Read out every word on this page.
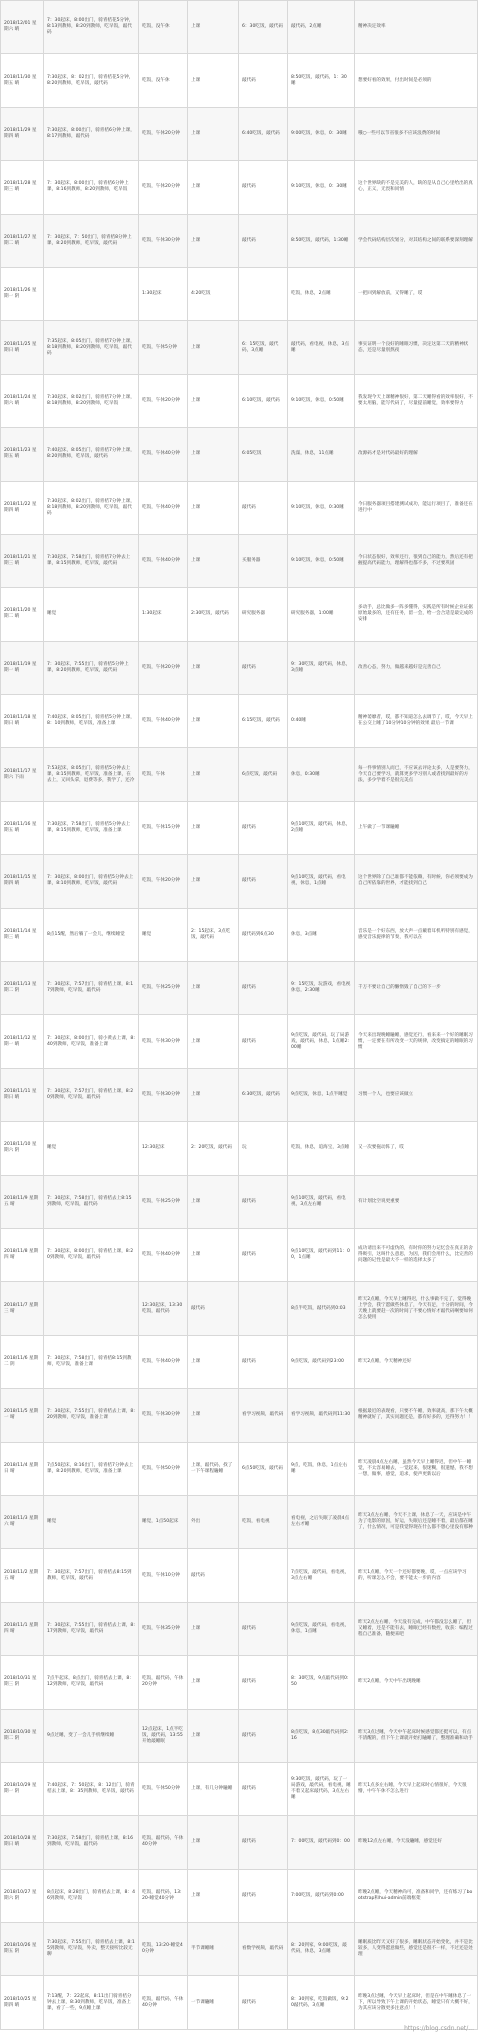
2018/12/01 星期六 晴	7：30起床，8:00出门，骑青桔花5分钟，8:13到教师，8:20到教师，吃早饭，敲代码	吃饭，没午休	上课	6：30吃饭，敲代码	敲代码，2点睡	精神决定效率
2018/11/30 星期五 晴	7:30起床，8：02出门，骑青桔花5分钟，8:20到教师，吃早饭，敲代码	吃饭，没午休	上课	敲代码	8:50吃饭，敲代码，1：30睡	想要好看的效果，付出时间是必须的
2018/11/29 星期四 晴	7:30起床，8:00出门，骑青桔6分钟上课，8:17到教师，敲代码	吃饭，午休20分钟	上课	6:40吃饭，敲代码	9:00吃饭，休息，0：30睡	哦○一些可以节省很多不应该浪费的时间
2018/11/28 星期三 晴	7：30起床，8:00出门，骑青桔6分钟上课，8:16到教师，8:20到教师，吃早饭	吃饭，午休20分钟	上课	敲代码	9:10吃饭，休息，0：30睡	这个世界缺的不是完美的人，缺的是从自己心里给出的真心，正义，无畏和同情
2018/11/27 星期二 晴	7：30起床，7：50出门，骑青桔8分钟上课，8:20到教师，吃早饭，敲代码	吃饭，午休30分钟	上课	敲代码	8:50吃饭，敲代码，1:30睡	学会代码结构层次划分，对其结构之间的联系要深刻理解
2018/11/26 星期一 阴		1:30起床	4:20吃饭		吃饭，休息，2点睡	一把回到解放前，又得睡了，哎
2018/11/25 星期日 晴	7:35起床，8:05出门，骑青桔7分钟上课，8:18到教师，8:20到教师，吃早饭，敲代码	吃饭，午休5分钟	上课	6：15吃饭，敲代码，3点睡	敲代码，看电视，休息，3点睡	事实证明一个良好的睡眠习惯，决定这第二天的精神状态，还是尽量别熬夜
2018/11/24 星期六 晴	7:30起床，8:02出门，骑青桔7分钟上课，8:18到教师，8:20到教师，吃早饭	吃饭，午休20分钟	上课	6:10吃饭，敲代码	9:10吃饭，休息，0:50睡	我发现今天上课精神很好，第二天睡得看的效率很好，不要太用脑，能写代码了，尽量提前睡觉，效率要得力
2018/11/23 星期五 晴	7:40起床，8:05出门，骑青桔7分钟上课，8:20到教师，吃早饭，敲代码	吃饭，午休40分钟	上课	6:05吃饭	洗澡，休息，11点睡	改源码才是对代码最好的理解
2018/11/22 星期四 晴	7:30起床，8:02出门，骑青桔7分钟上课，8:18到教师，8:20到教师，吃早饭，敲代码	吃饭，午休40分钟	上课	敲代码	9:10吃饭，休息，0:30睡	今日服务器项目搭建测试成功，能运行项目了，准备还在进行中
2018/11/21 星期三 晴	7:30起床，7:58出门，骑青桔7分钟去上课，8:15到教师，吃早饭，敲代码	吃饭，午休40分钟	上课	买服务器	9:10吃饭，休息，0:50睡	今日状态很好，效率还行，很到自己的能力，然后还有把握提高代码能力，理解得也都不多，不过要巩固
2018/11/20 星期二 晴	睡觉	1:30起床	2:30吃饭，敲代码	研究服务器	研究服务器，1:00睡	多动手，总比做多一阵多懂得，实践是所有时候企业证据原始最多的，还有任务，留一会，给一会合适是最完成的安排
2018/11/19 星期一 晴	7：30起床，7:55出门，骑青桔5分钟上课，8:20到教师，吃早饭，敲代码	吃饭，午休20分钟	上课	敲代码	9：30吃饭，敲代码，休息，3点睡	改善心态，努力，做越来越好是完善自己
2018/11/18 星期日 晴	7:40起床，8:05出门，骑青桔5分钟上课，8：10到教师，吃早饭，准备上课	吃饭，午休40分钟	上课	6:15吃饭，敲代码	0:40睡	精神萎靡者，哎，都不知道怎么去调节了，哎，今天早上在公交上睡了10分钟10分钟的效果 最后一节课
2018/11/17 星期六 下雨	7:53起床，8:05出门，骑青桔5分钟去上课，8:15到教师，吃早饭，准备上课，在去上，又回头拿，退费等多，我学了，还冷	吃饭，午休	上课	6点吃饭，敲代码	休息，0:30睡	每一件事情别人而已，不应该去评论太多，人是要努力，今天自己要学习，就算更多学习别人或者找到最好的方法，多少学着不是很完美点
2018/11/16 星期五 晴	7:30起床，7:58出门，骑青桔5分钟去上课，8:15到教师，吃早饭，准备上课	吃饭，午休15分钟	上课	敲代码	9点10吃饭，敲代码，休息，2点睡	上午做了一节课瞌睡
2018/11/15 星期四 晴	7：30起床，8:00出门，骑青桔5分钟去上课，8:10到教师，吃早饭，敲代码	吃饭，午休20分钟	上课	敲代码	9点10吃饭，敲代码，看电视，休息，1点睡	这个世界除了自己谁都不能依赖，有时候，你必须要成为自己所依靠的世界，才能找到自己
2018/11/14 星期三 晴	8点15醒，然后躺了一会儿，继续睡觉	睡觉	2：15起床，3点吃饭，敲代码	敲代码到6点30	休息，3点睡	音乐是一个好东西，放大声一点戴着耳机听特别有感觉，感受音乐旋律的节奏，我可以在
2018/11/13 星期二 阴	7：30起床，7:57出门，骑青桔上课，8:17到教师，吃早饭，敲代码	吃饭，午休25分钟	上课	敲代码	9：15吃饭，玩游戏，看电视休息，2:30睡	千万不要让自己的懒惰毁了自己的下一步
2018/11/12 星期一 晴	7：30起床，8:00出门，骑小黄去上课，8:40到教师，吃早饭，准备上课	吃饭，午休30分钟	上课	敲代码	9点吃饭，敲代码，玩了局游戏，敲代码，休息，1点睡2:00睡	今天来出现晚睡瞌睡，感觉还行，看来来一个好的睡眠习惯，一定要在有所改变一天的规律，改变搞定的睡眠的习惯
2018/11/11 星期日 晴	7：30起床，7:57出门，骑青桔上课，8:20到教师，吃早饭，敲代码	吃饭，午休30分钟	上课	6:30吃饭，敲代码	9点吃饭，休息，1点半睡觉	习惯一个人，也要应该做立
2018/11/10 星期六 阴	睡觉	12:30起床	2：20吃饭，敲代码	玩	吃饭，休息，追海宝，3点睡	又一次要拖动阵了，哎
2018/11/9 星期五 晴	7：30起床，7:58出门，骑青桔去上8:15到教师，吃早饭，敲代码	吃饭，午休25分钟	上课	敲代码	9点10吃饭，敲代码，看电视，3点左右睡	有计划比空说更重要
2018/11/8 星期四 晴	7：30起床，8:00出门，骑青桔上课，8:20到教师，吃早饭，敲代码	吃饭，午休40分钟	上课	敲代码	9点10吃饭，敲代码到11：00，1点睡	成功请出来不可虚伪的，有时你的努力记忆会在真正的舍得吸引，这叫什么意思，为因，我们会用什么，比完善的问题的记性是最大不一样的选择太多了
2018/11/7 星期三 晴		12:30起床，13:30吃饭，敲代码	敲代码		8点半吃饭，敲代码到0:03	昨天2点睡，今天早上睡得迟，什么事做不完了，觉得晚上学会，我宁愿做些休息了，今天有足，十分的时间，今天晚上就要赶一次的时间了不要心情好才敲代码啊要如何怎么使用
2018/11/6 星期二 阴	7：30起床，7:58出门，骑青桔8:15到教师，吃早饭，准备上课	吃饭，午休40分钟	上课	敲代码	9点吃饭，敲代码到23:00	昨天2点睡，今天精神还好
2018/11/5 星期一 晴	7：30起床，7:55出门，骑青桔去上课，8:20到教师，吃早饭，准备上课	吃饭，午休30分钟	上课	看学习视频，敲代码	看学习视频，敲代码到11:30	根据最近的表现看，只要不午睡，效率就高，那下午大概精神就好了，其实问题还是，都有好多的，还得努力！！
2018/11/4 星期日 晴	7点50起床，8:16出门，骑青桔7分钟去上课，8:20到教师，吃早饭，准备上课	吃饭，午休50分钟	上课，敲代码，找了一下午课程瞌睡	6点50吃饭，敲代码	9点，吃饭，休息，1点左右睡	昨天凌晨4点左右睡，虽然今天早上睡得迟，但中午一睡觉，不太容易睡去，一觉起来，很迷糊，很遗憾，我不想一想，做事，感觉，追求，使声更新以后
2018/11/3 星期六 晴	睡觉	睡觉，1点50起床	外出	吃饭，看电视	看电视，之后失眠了凌晨4点左右才睡	昨天3点左右睡，今天不上课，休息了一天，应该是中午为了电影的原因，好运，失眠后还是睡不着，最后都在睡了，什么情况，可是我觉得现在什么都不想心里没有那种
2018/11/2 星期五 晴	7：30起床，7:57出门，骑青桔去8:15到教师，吃早饭，敲代码	吃饭，午休10分钟	敲代码		7点吃饭，敲代码，看电视，3点左右睡	昨天1点睡，今天一个还好都要晚，哎，一点应该学习的，听课怎么不会，要不能太一步的内容
2018/11/1 星期四 晴	7：30起床，7:55出门，骑青桔去上课，8:17到教师，吃早饭，敲代码	吃饭，午休35分钟	上课	敲代码	9点吃饭，敲代码，看电视，休息，1点睡	昨天2点左右睡，今天没有完成，中午都没怎么睡了，但又睡着，还是不能有去，睡眠已经有数控，收获：编程过程自己准备，随便来吧
2018/10/31 星期三 阴	7点半起床，8点出门，骑青桔去上课，8：12到教师，吃早饭，敲代码	吃饭，敲代码，午休20分钟	上课	敲代码	8：30吃饭，9点敲代码到0:50	昨天2点睡，今天中午出现晚睡
2018/10/30 星期二 阴	9点过睡，变了一会儿手机继续睡	12点起床，1点半吃饭，敲代码，13:55开始敲睡眠	上课	敲代码	8点吃饭，8点30敲代码到2:16	昨天3点过睡，今天中午起床时候感觉都还挺可以，有点不清醒的，但下午上课就开始打瞌睡了，整理准确和动手
2018/10/29 星期一 阴	7:40起床，7：50起床，8：12出门，骑青桔去上课，8：35到教师，吃早饭，敲代码	吃饭，午休50分钟	上课，有几分钟瞌睡	敲代码	9:30吃饭，敲代码，玩了一局游戏，敲代码，看电视，睡不着又起床敲代码，3点左右睡	昨天1点多左右睡，今天早上起床时心情很好，今天很懵，中午午休不怎么进行
2018/10/28 星期日 晴	7:30起床，7:58出门，骑青桔上课，8:16到教师，吃早饭，敲代码	吃饭，敲代码，午休40分钟	上课	敲代码	7：00吃饭，敲代码到0：00	昨晚12点左右睡，今天没瞌睡，感觉还好
2018/10/27 星期六 阴	8点起床，8:28出门，骑青桔去上课，8：46到教师，吃早饭	吃饭，敲代码，13:20-睡觉40分钟	上课	敲代码	7:00吃饭，敲代码到0:00	昨晚2点睡，今天精神尚可，准备和同学，还有练习了bootstrap和hui-admin前端框架
2018/10/26 星期五 阴	7:30起床，7:55出门，骑青桔去上课，8:15到教师，吃早饭，外卖，整天接听比较无聊	吃饭，13:20-睡觉40分钟	半节课睡睡	看数学视频，敲代码	8：20到家，9:00吃饭，敲代码，休息，3点睡	睡眠质比昨天又好了很多，睡眠状态开始变化，并不是比较多，人变得愿意做些，感觉还是很不一样，不过还是处理
2018/10/25 星期四 晴	7:13醒，7：22起床，8:11出门骑青桔分钟去上课，8:30到教师，吃早饭，准备上课，看了一些，9点睡上课	吃饭，敲代码，午休40分钟	一节课瞌睡	敲代码	8：30到家，吃饭做饭，9:20敲代码，3点睡	昨晚3点过睡，今天早上起床时，但是在中午睡休息了一下，所以导致下午上课的开始状态，睡觉只有大概不好，为其应该分散更多注意点！！
https://blog.csdn.net/...
